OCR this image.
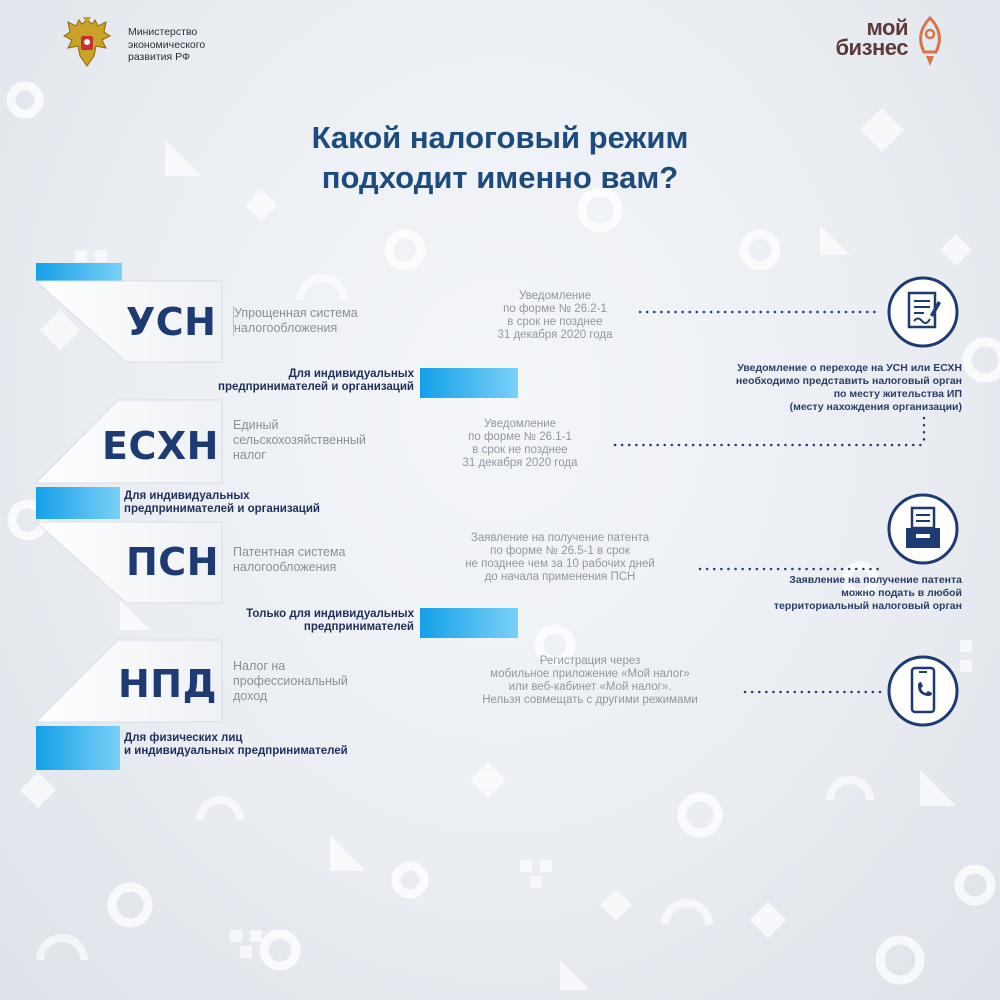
Министерство
экономического
развития РФ
мой
бизнес
Какой налоговый режим
подходит именно вам?
УСН Упрощенная система
налогообложения
Для индивидуальных
предпринимателей и организаций
Уведомление
по форме № 26.2-1
в срок не позднее
31 декабря 2020 года
ЕСХН Единый
сельскохозяйственный
налог
Для индивидуальных
предпринимателей и организаций
Уведомление
по форме № 26.1-1
в срок не позднее
31 декабря 2020 года
ПСН Патентная система
налогообложения
Только для индивидуальных
предпринимателей
Заявление на получение патента
по форме № 26.5-1 в срок
не позднее чем за 10 рабочих дней
до начала применения ПСН
НПД Налог на
профессиональный
доход
Для физических лиц
и индивидуальных предпринимателей
Регистрация через
мобильное приложение «Мой налог»
или веб-кабинет «Мой налог».
Нельзя совмещать с другими режимами
Уведомление о переходе на УСН или ЕСХН
необходимо представить налоговый орган
по месту жительства ИП
(месту нахождения организации)
Заявление на получение патента
можно подать в любой
территориальный налоговый орган
